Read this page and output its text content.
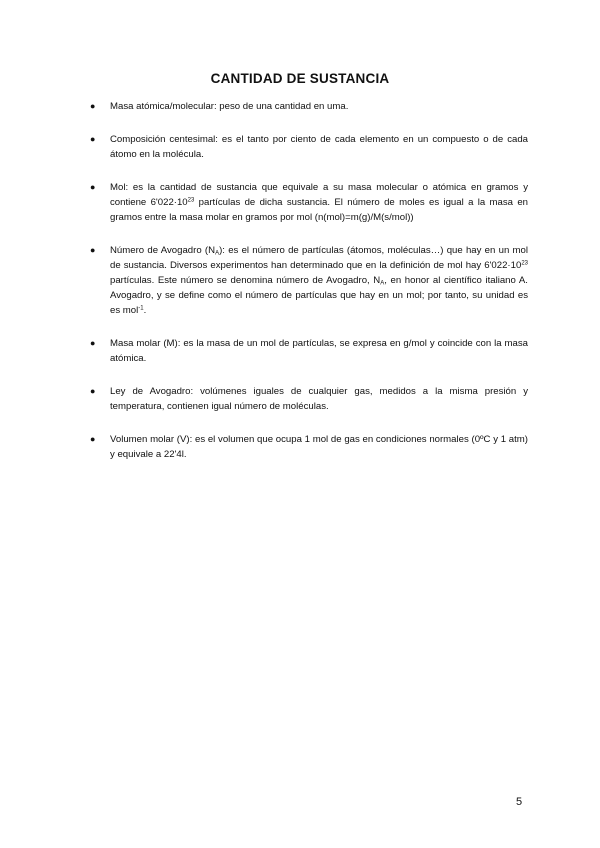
CANTIDAD DE SUSTANCIA
● Masa atómica/molecular: peso de una cantidad en uma.
● Composición centesimal: es el tanto por ciento de cada elemento en un compuesto o de cada átomo en la molécula.
● Mol: es la cantidad de sustancia que equivale a su masa molecular o atómica en gramos y contiene $6'022\cdot 10^{23}$ partículas de dicha sustancia. El número de moles es igual a la masa en gramos entre la masa molar en gramos por mol (n(mol)=m(g)/M(s/mol))
● Número de Avogadro $(N_A)$: es el número de partículas (átomos, moléculas…) que hay en un mol de sustancia. Diversos experimentos han determinado que en la definición de mol hay $6'022\cdot 10^{23}$ partículas. Este número se denomina número de Avogadro, $N_A$, en honor al científico italiano A. Avogadro, y se define como el número de partículas que hay en un mol; por tanto, su unidad es es mol$^{-1}$.
● Masa molar (M): es la masa de un mol de partículas, se expresa en g/mol y coincide con la masa atómica.
● Ley de Avogadro: volúmenes iguales de cualquier gas, medidos a la misma presión y temperatura, contienen igual número de moléculas.
● Volumen molar (V): es el volumen que ocupa 1 mol de gas en condiciones normales (0ºC y 1 atm) y equivale a 22'4l.
5
